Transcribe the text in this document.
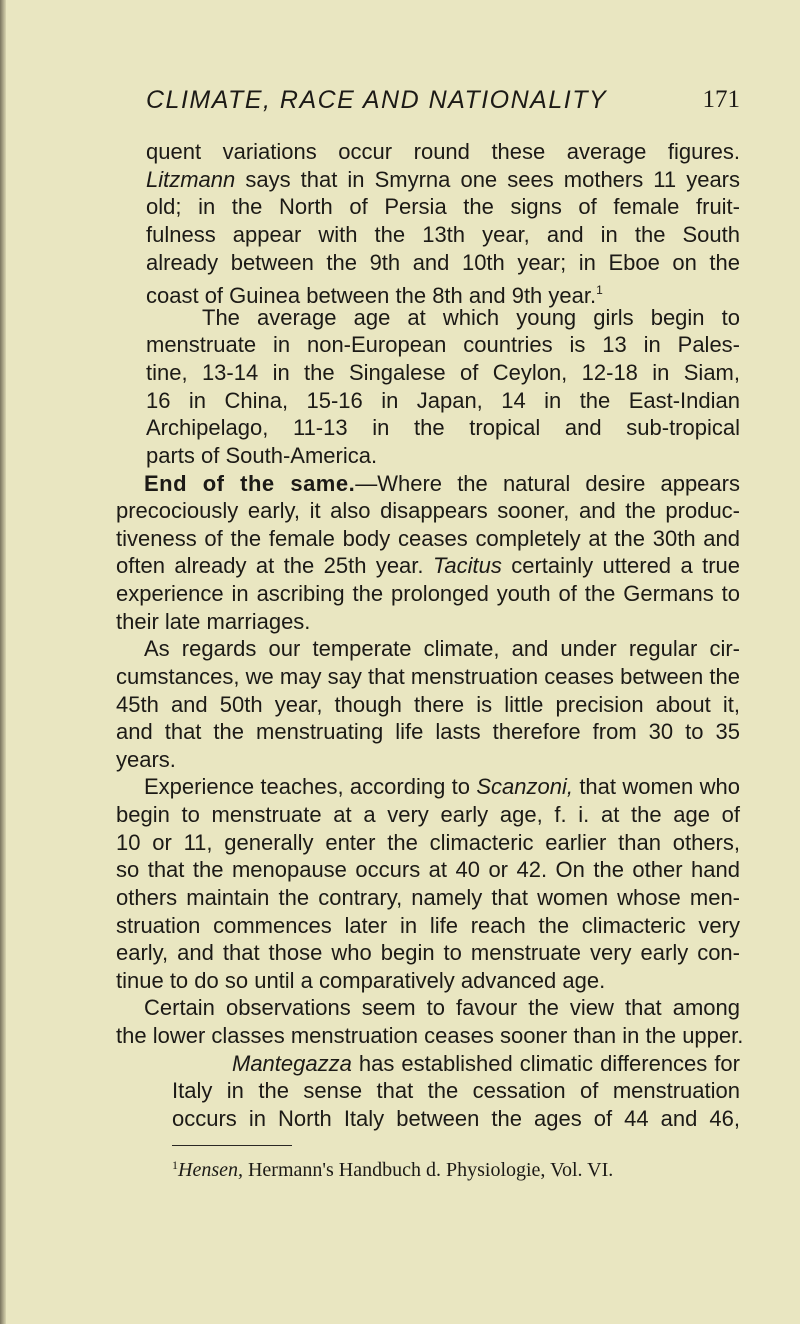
CLIMATE, RACE AND NATIONALITY	171
quent variations occur round these average figures.
Litzmann says that in Smyrna one sees mothers 11 years
old; in the North of Persia the signs of female fruit-
fulness appear with the 13th year, and in the South
already between the 9th and 10th year; in Eboe on the
coast of Guinea between the 8th and 9th year.$^1$
The average age at which young girls begin to
menstruate in non-European countries is 13 in Pales-
tine, 13-14 in the Singalese of Ceylon, 12-18 in Siam,
16 in China, 15-16 in Japan, 14 in the East-Indian
Archipelago, 11-13 in the tropical and sub-tropical
parts of South-America.
End of the same.—Where the natural desire appears
precociously early, it also disappears sooner, and the produc-
tiveness of the female body ceases completely at the 30th and
often already at the 25th year. Tacitus certainly uttered a true
experience in ascribing the prolonged youth of the Germans to
their late marriages.
As regards our temperate climate, and under regular cir-
cumstances, we may say that menstruation ceases between the
45th and 50th year, though there is little precision about it,
and that the menstruating life lasts therefore from 30 to 35
years.
Experience teaches, according to Scanzoni, that women who
begin to menstruate at a very early age, f. i. at the age of
10 or 11, generally enter the climacteric earlier than others,
so that the menopause occurs at 40 or 42. On the other hand
others maintain the contrary, namely that women whose men-
struation commences later in life reach the climacteric very
early, and that those who begin to menstruate very early con-
tinue to do so until a comparatively advanced age.
Certain observations seem to favour the view that among
the lower classes menstruation ceases sooner than in the upper.
Mantegazza has established climatic differences for
Italy in the sense that the cessation of menstruation
occurs in North Italy between the ages of 44 and 46,
$^1$Hensen, Hermann's Handbuch d. Physiologie, Vol. VI.
